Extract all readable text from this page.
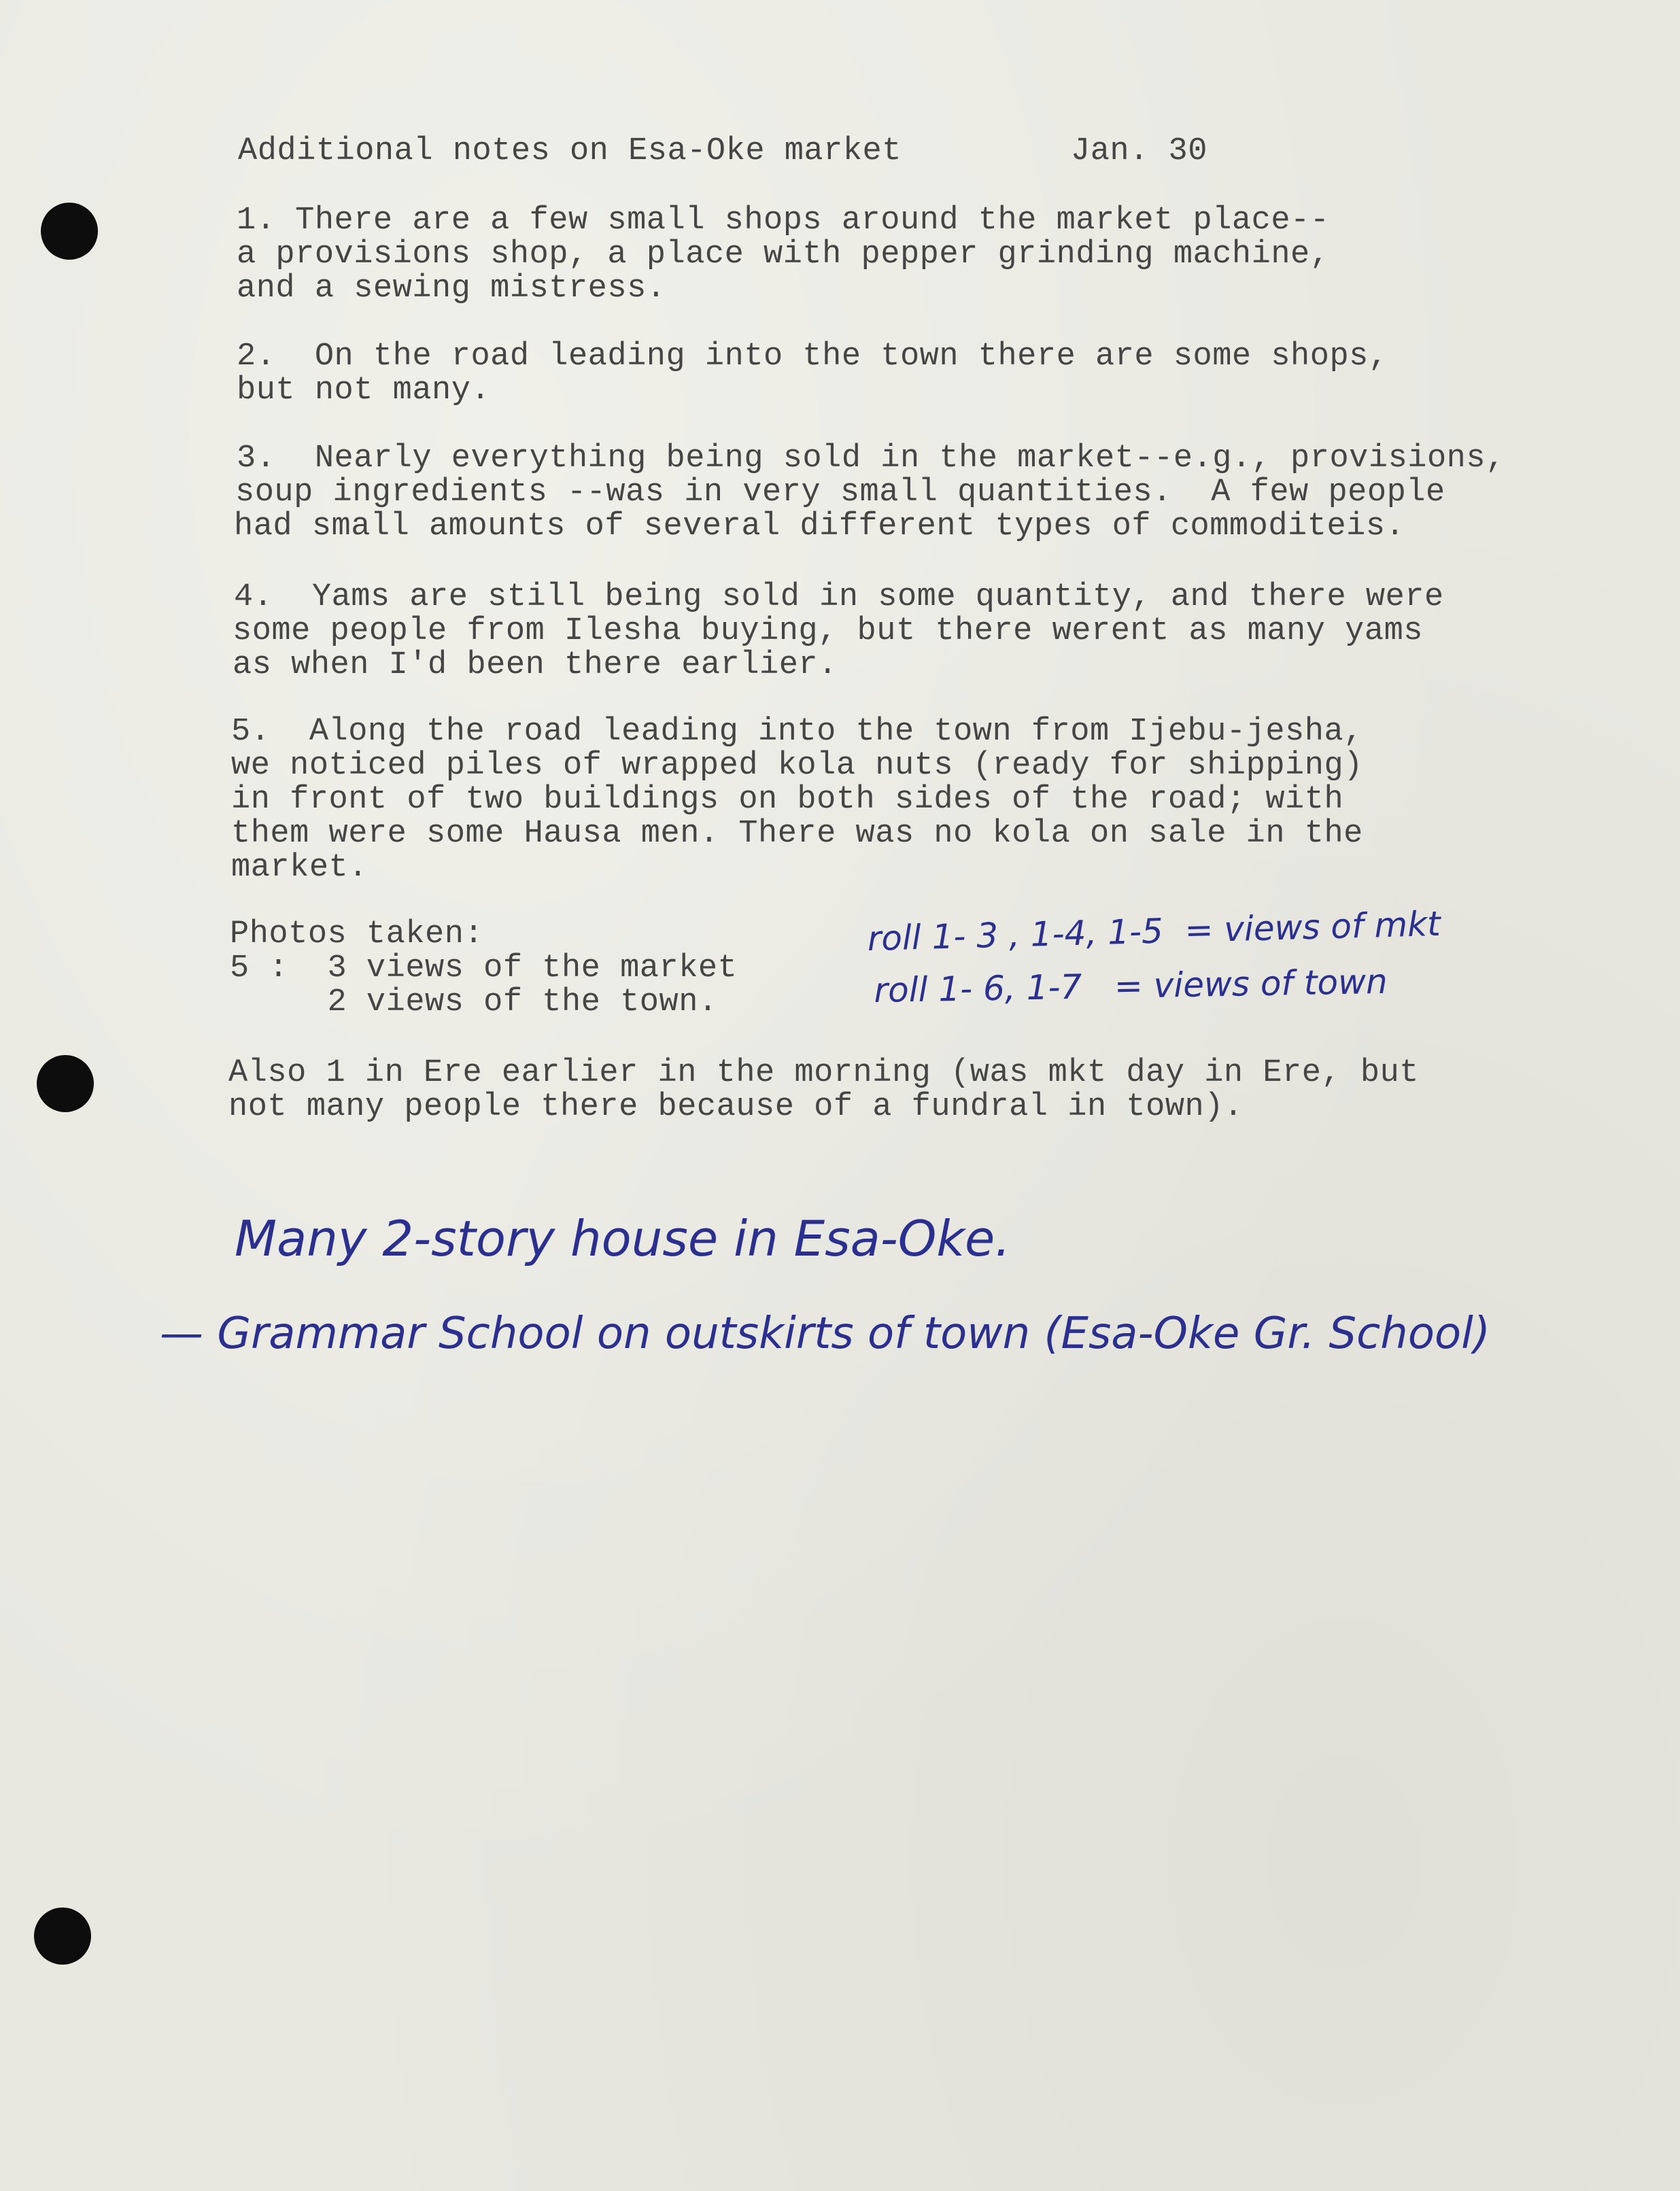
Additional notes on Esa-Oke market	Jan. 30
1. There are a few small shops around the market place--
a provisions shop, a place with pepper grinding machine,
and a sewing mistress.
2.  On the road leading into the town there are some shops,
but not many.
3.  Nearly everything being sold in the market--e.g., provisions,
soup ingredients --was in very small quantities.  A few people
had small amounts of several different types of commoditeis.
4.  Yams are still being sold in some quantity, and there were
some people from Ilesha buying, but there werent as many yams
as when I'd been there earlier.
5.  Along the road leading into the town from Ijebu-jesha,
we noticed piles of wrapped kola nuts (ready for shipping)
in front of two buildings on both sides of the road; with
them were some Hausa men. There was no kola on sale in the
market.
Photos taken:
5 :  3 views of the market
2 views of the town.
roll 1- 3 , 1-4, 1-5  = views of mkt
roll 1- 6, 1-7   = views of town
Also 1 in Ere earlier in the morning (was mkt day in Ere, but
not many people there because of a fundral in town).
Many 2-story house in Esa-Oke.
— Grammar School on outskirts of town (Esa-Oke Gr. School)
